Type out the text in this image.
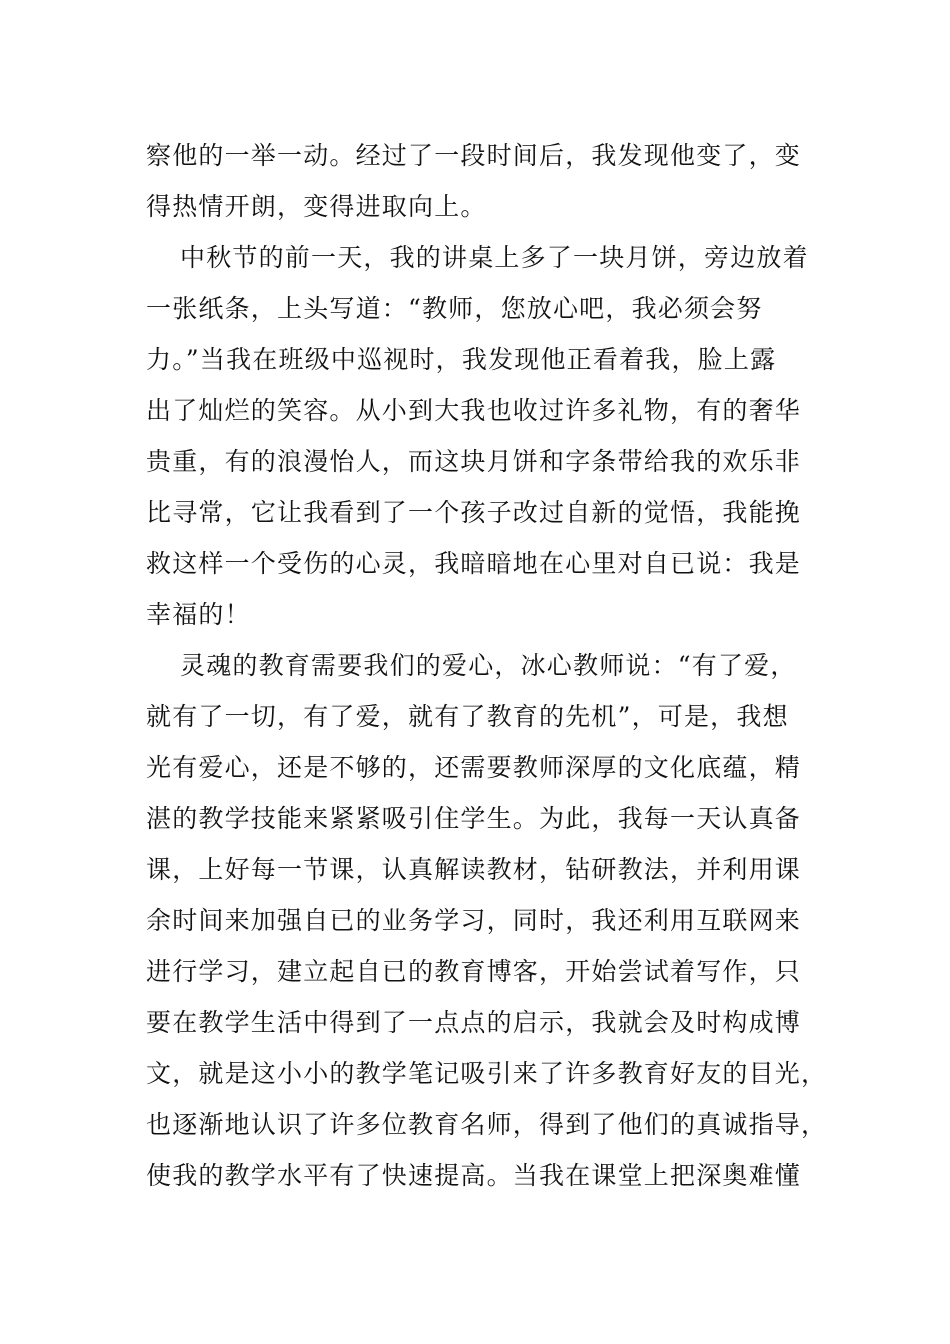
察他的一举一动。经过了一段时间后，我发现他变了，变
得热情开朗，变得进取向上。
中秋节的前一天，我的讲桌上多了一块月饼，旁边放着
一张纸条，上头写道：“教师，您放心吧，我必须会努
力。”当我在班级中巡视时，我发现他正看着我，脸上露
出了灿烂的笑容。从小到大我也收过许多礼物，有的奢华
贵重，有的浪漫怡人，而这块月饼和字条带给我的欢乐非
比寻常，它让我看到了一个孩子改过自新的觉悟，我能挽
救这样一个受伤的心灵，我暗暗地在心里对自已说：我是
幸福的！
灵魂的教育需要我们的爱心，冰心教师说：“有了爱，
就有了一切，有了爱，就有了教育的先机”，可是，我想
光有爱心，还是不够的，还需要教师深厚的文化底蕴，精
湛的教学技能来紧紧吸引住学生。为此，我每一天认真备
课，上好每一节课，认真解读教材，钻研教法，并利用课
余时间来加强自已的业务学习，同时，我还利用互联网来
进行学习，建立起自已的教育博客，开始尝试着写作，只
要在教学生活中得到了一点点的启示，我就会及时构成博
文，就是这小小的教学笔记吸引来了许多教育好友的目光，
也逐渐地认识了许多位教育名师，得到了他们的真诚指导，
使我的教学水平有了快速提高。当我在课堂上把深奥难懂
